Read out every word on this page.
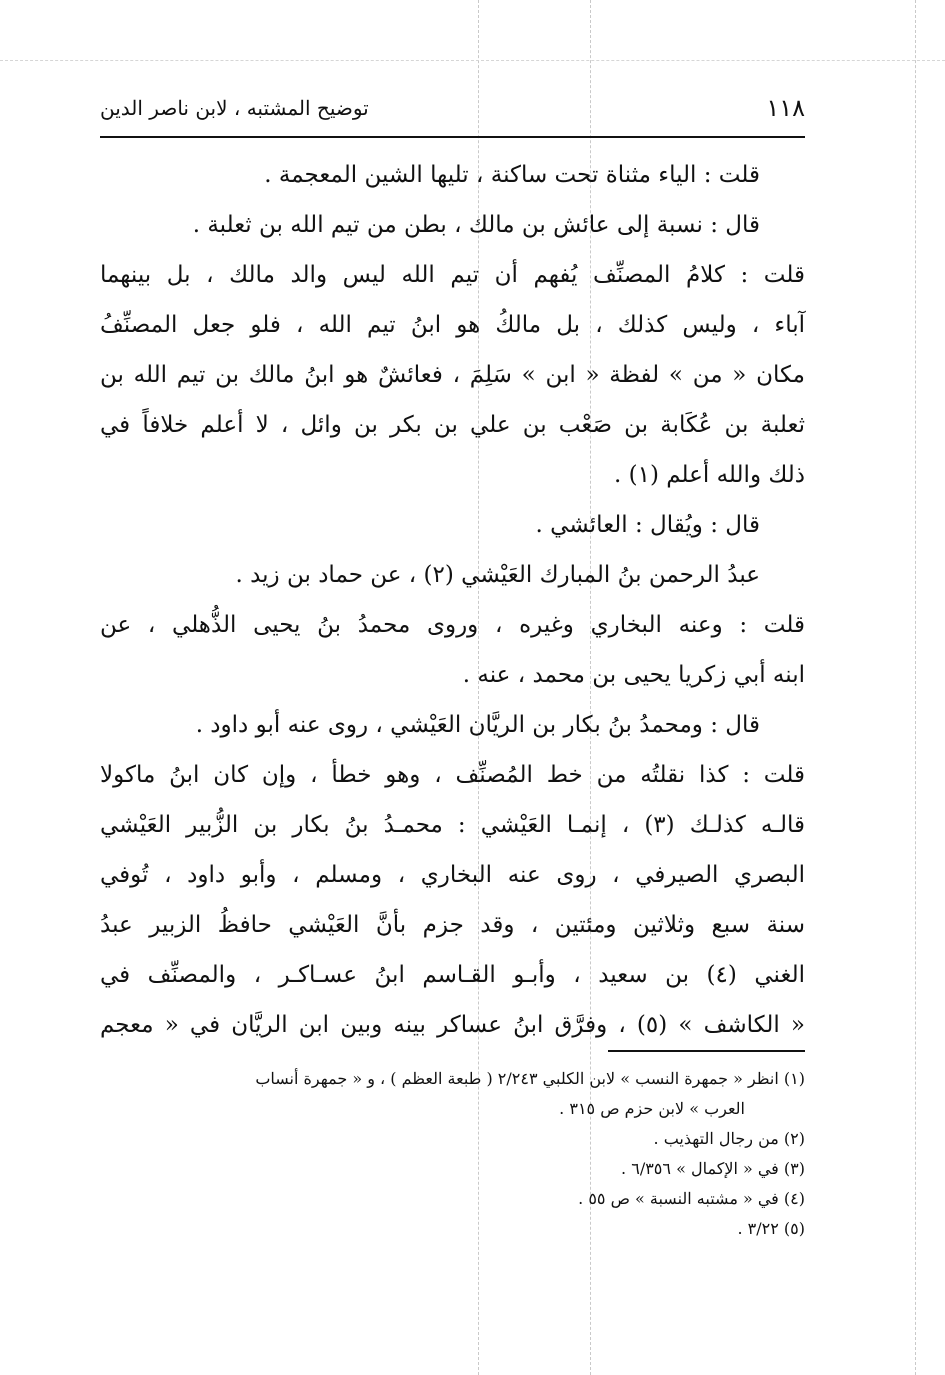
١١٨
توضيح المشتبه ، لابن ناصر الدين

قلت : الياء مثناة تحت ساكنة ، تليها الشين المعجمة .

قال : نسبة إلى عائش بن مالك ، بطن من تيم الله بن ثعلبة .

قلت : كلامُ المصنِّف يُفهم أن تيم الله ليس والد مالك ، بل بينهما

آباء ، وليس كذلك ، بل مالكُ هو ابنُ تيم الله ، فلو جعل المصنِّفُ

مكان « من » لفظة « ابن » سَلِمَ ، فعائشٌ هو ابنُ مالك بن تيم الله بن

ثعلبة بن عُكَابة بن صَعْب بن علي بن بكر بن وائل ، لا أعلم خلافاً في

ذلك والله أعلم (١) .

قال : ويُقال : العائشي .

عبدُ الرحمن بنُ المبارك العَيْشي (٢) ، عن حماد بن زيد .

قلت : وعنه البخاري وغيره ، وروى محمدُ بنُ يحيى الذُّهلي ، عن

ابنه أبي زكريا يحيى بن محمد ، عنه .

قال : ومحمدُ بنُ بكار بن الريَّان العَيْشي ، روى عنه أبو داود .

قلت : كذا نقلتُه من خط المُصنِّف ، وهو خطأ ، وإن كان ابنُ ماكولا

قالـه كذلـك (٣) ، إنمـا العَيْشي : محمـدُ بنُ بكار بن الزُّبير العَيْشي

البصري الصيرفي ، روى عنه البخاري ، ومسلم ، وأبو داود ، تُوفي

سنة سبع وثلاثين ومئتين ، وقد جزم بأنَّ العَيْشي حافظُ الزبير عبدُ

الغني (٤) بن سعيد ، وأبـو القـاسم ابنُ عسـاكـر ، والمصنِّف في

« الكاشف » (٥) ، وفرَّق ابنُ عساكر بينه وبين ابن الريَّان في « معجم

(١) انظر « جمهرة النسب » لابن الكلبي ٢/٢٤٣ ( طبعة العظم ) ، و « جمهرة أنساب

العرب » لابن حزم ص ٣١٥ .

(٢) من رجال التهذيب .

(٣) في « الإكمال » ٦/٣٥٦ .

(٤) في « مشتبه النسبة » ص ٥٥ .

(٥) ٣/٢٢ .
